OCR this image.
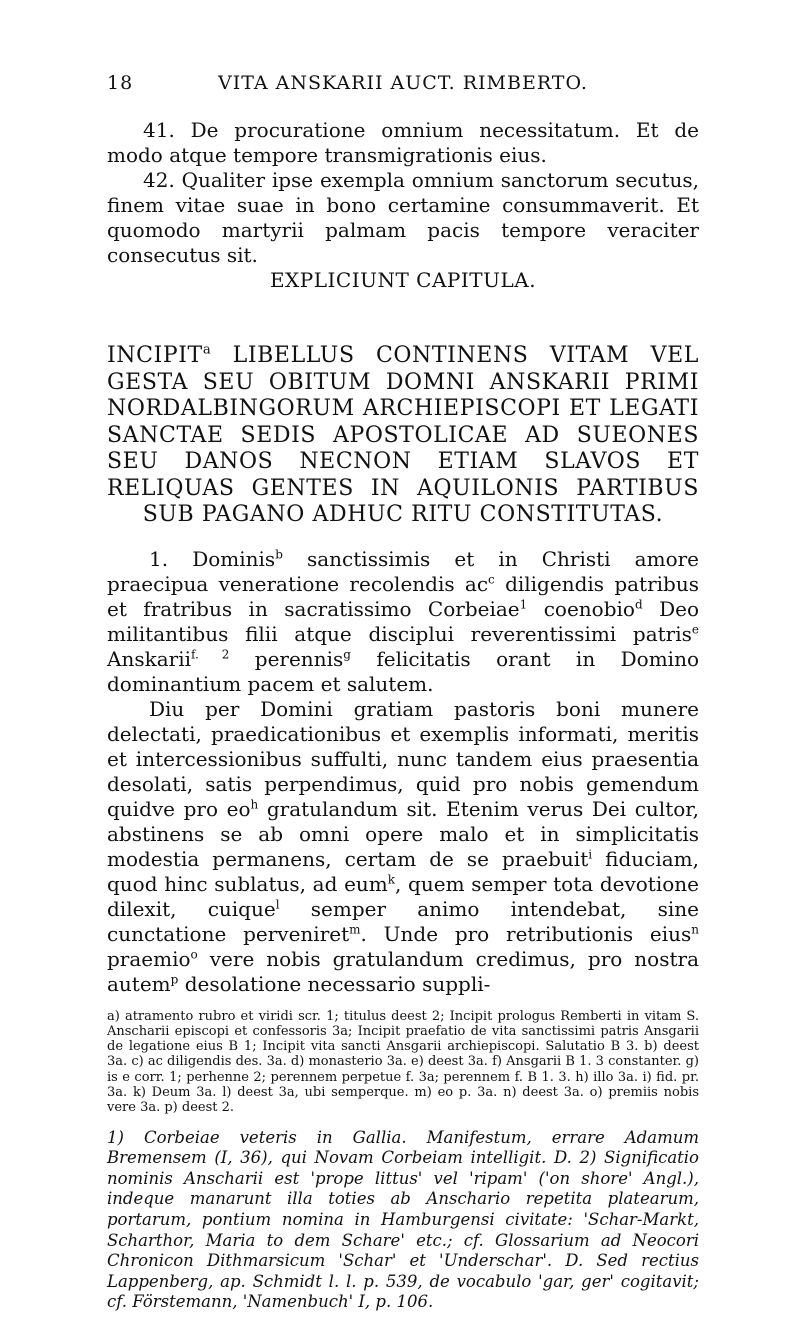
18	VITA ANSKARII AUCT. RIMBERTO.

41. De procuratione omnium necessitatum. Et de modo atque tempore transmigrationis eius.

42. Qualiter ipse exempla omnium sanctorum secutus, finem vitae suae in bono certamine consummaverit. Et quomodo martyrii palmam pacis tempore veraciter consecutus sit.

EXPLICIUNT CAPITULA.

INCIPIT$^a$ LIBELLUS CONTINENS VITAM VEL GESTA SEU OBITUM DOMNI ANSKARII PRIMI NORDALBINGORUM ARCHIEPISCOPI ET LEGATI SANCTAE SEDIS APOSTOLICAE AD SUEONES SEU DANOS NECNON ETIAM SLAVOS ET RELIQUAS GENTES IN AQUILONIS PARTIBUS SUB PAGANO ADHUC RITU CONSTITUTAS.

1. Dominis$^b$ sanctissimis et in Christi amore praecipua veneratione recolendis $ac^c$ diligendis patribus et fratribus in sacratissimo Corbeiae$^1$ coenobio$^d$ Deo militantibus filii atque disciplui reverentissimi patris$^e$ Anskarii$^{f. 2}$ perennis$^g$ felicitatis orant in Domino dominantium pacem et salutem.

Diu per Domini gratiam pastoris boni munere delectati, praedicationibus et exemplis informati, meritis et intercessionibus suffulti, nunc tandem eius praesentia desolati, satis perpendimus, quid pro nobis gemendum quidve pro $eo^h$ gratulandum sit. Etenim verus Dei cultor, abstinens se ab omni opere malo et in simplicitatis modestia permanens, certam de se praebuit$^i$ fiduciam, quod hinc sublatus, ad eum$^k$, quem semper tota devotione dilexit, cuique$^l$ semper animo intendebat, sine cunctatione perveniret$^m$. Unde pro retributionis eius$^n$ praemio$^o$ vere nobis gratulandum credimus, pro nostra autem$^p$ desolatione necessario suppli-

a) atramento rubro et viridi scr. 1; titulus deest 2; Incipit prologus Remberti in vitam S. Anscharii episcopi et confessoris 3a; Incipit praefatio de vita sanctissimi patris Ansgarii de legatione eius B 1; Incipit vita sancti Ansgarii archiepiscopi. Salutatio B 3. b) deest 3a. c) ac diligendis des. 3a. d) monasterio 3a. e) deest 3a. f) Ansgarii B 1. 3 constanter. g) is e corr. 1; perhenne 2; perennem perpetue f. 3a; perennem f. B 1. 3. h) illo 3a. i) fid. pr. 3a. k) Deum 3a. l) deest 3a, ubi semperque. m) eo p. 3a. n) deest 3a. o) premiis nobis vere 3a. p) deest 2.

1) Corbeiae veteris in Gallia. Manifestum, errare Adamum Bremensem (I, 36), qui Novam Corbeiam intelligit. D. 2) Significatio nominis Anscharii est 'prope littus' vel 'ripam' ('on shore' Angl.), indeque manarunt illa toties ab Anschario repetita platearum, portarum, pontium nomina in Hamburgensi civitate: 'Schar-Markt, Scharthor, Maria to dem Schare' etc.; cf. Glossarium ad Neocori Chronicon Dithmarsicum 'Schar' et 'Underschar'. D. Sed rectius Lappenberg, ap. Schmidt l. l. p. 539, de vocabulo 'gar, ger' cogitavit; cf. Förstemann, 'Namenbuch' I, p. 106.
